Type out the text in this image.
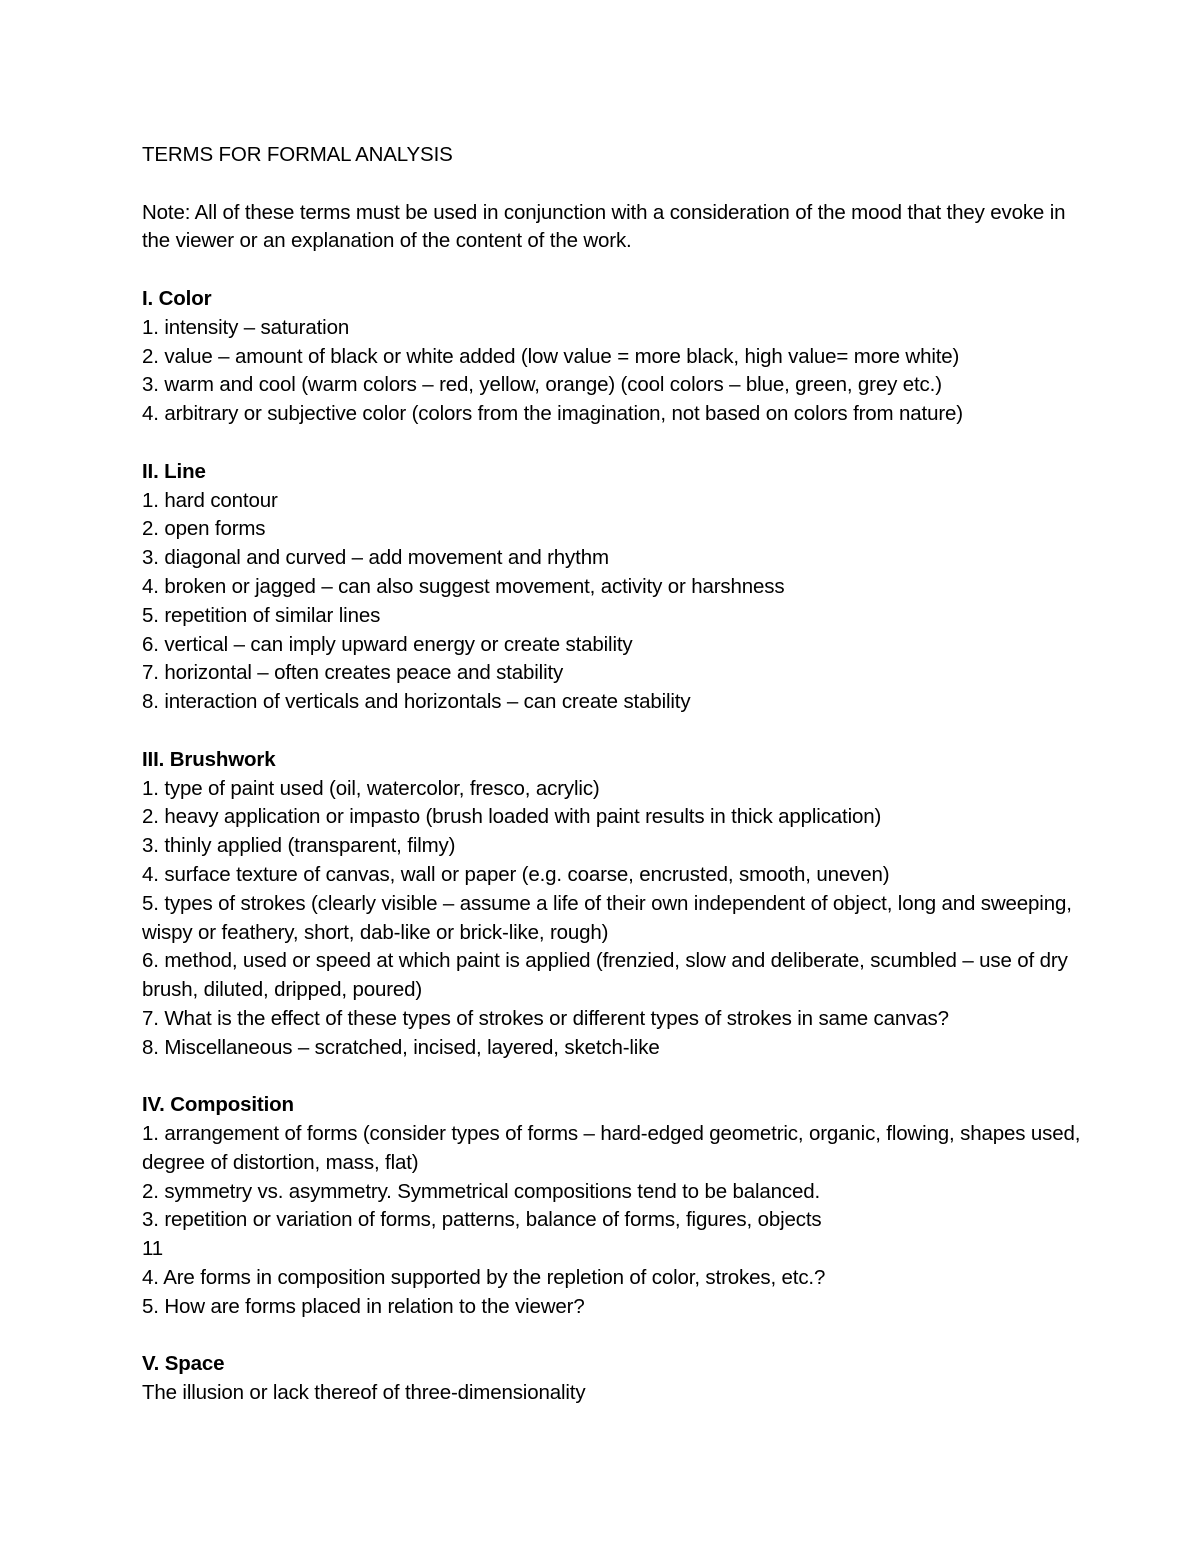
TERMS FOR FORMAL ANALYSIS
Note: All of these terms must be used in conjunction with a consideration of the mood that they evoke in the viewer or an explanation of the content of the work.
I. Color
1. intensity – saturation
2. value – amount of black or white added (low value = more black, high value= more white)
3. warm and cool (warm colors – red, yellow, orange) (cool colors – blue, green, grey etc.)
4. arbitrary or subjective color (colors from the imagination, not based on colors from nature)
II. Line
1. hard contour
2. open forms
3. diagonal and curved – add movement and rhythm
4. broken or jagged – can also suggest movement, activity or harshness
5. repetition of similar lines
6. vertical – can imply upward energy or create stability
7. horizontal – often creates peace and stability
8. interaction of verticals and horizontals – can create stability
III. Brushwork
1. type of paint used (oil, watercolor, fresco, acrylic)
2. heavy application or impasto (brush loaded with paint results in thick application)
3. thinly applied (transparent, filmy)
4. surface texture of canvas, wall or paper (e.g. coarse, encrusted, smooth, uneven)
5. types of strokes (clearly visible – assume a life of their own independent of object, long and sweeping, wispy or feathery, short, dab-like or brick-like, rough)
6. method, used or speed at which paint is applied (frenzied, slow and deliberate, scumbled – use of dry brush, diluted, dripped, poured)
7. What is the effect of these types of strokes or different types of strokes in same canvas?
8. Miscellaneous – scratched, incised, layered, sketch-like
IV. Composition
1. arrangement of forms (consider types of forms – hard-edged geometric, organic, flowing, shapes used, degree of distortion, mass, flat)
2. symmetry vs. asymmetry. Symmetrical compositions tend to be balanced.
3. repetition or variation of forms, patterns, balance of forms, figures, objects
11
4. Are forms in composition supported by the repletion of color, strokes, etc.?
5. How are forms placed in relation to the viewer?
V. Space
The illusion or lack thereof of three-dimensionality
